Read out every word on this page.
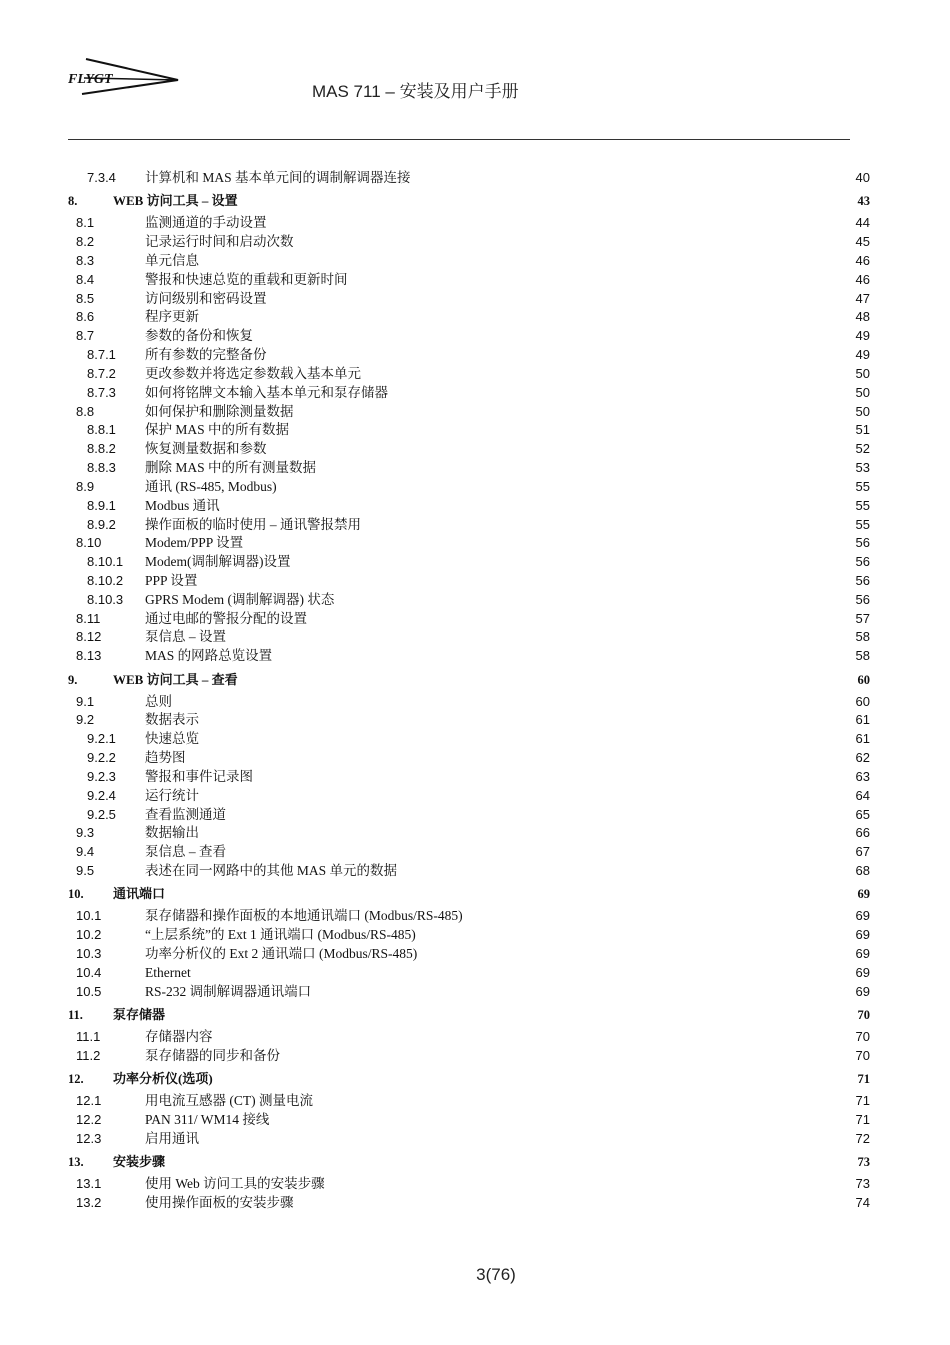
FLYGT
MAS 711 – 安装及用户手册
7.3.4 计算机和 MAS 基本单元间的调制解调器连接	40
8.	WEB 访问工具 – 设置	43
8.1	监测通道的手动设置	44
8.2	记录运行时间和启动次数	45
8.3	单元信息	46
8.4	警报和快速总览的重载和更新时间	46
8.5	访问级别和密码设置	47
8.6	程序更新	48
8.7	参数的备份和恢复	49
8.7.1 所有参数的完整备份	49
8.7.2 更改参数并将选定参数载入基本单元	50
8.7.3 如何将铭牌文本输入基本单元和泵存储器	50
8.8	如何保护和删除测量数据	50
8.8.1 保护 MAS 中的所有数据	51
8.8.2 恢复测量数据和参数	52
8.8.3 删除 MAS 中的所有测量数据	53
8.9	通讯 (RS-485, Modbus)	55
8.9.1 Modbus 通讯	55
8.9.2 操作面板的临时使用 – 通讯警报禁用	55
8.10	Modem/PPP 设置	56
8.10.1 Modem(调制解调器)设置	56
8.10.2 PPP 设置	56
8.10.3 GPRS Modem (调制解调器) 状态	56
8.11	通过电邮的警报分配的设置	57
8.12	泵信息 – 设置	58
8.13	MAS 的网路总览设置	58
9.	WEB 访问工具 – 查看	60
9.1	总则	60
9.2	数据表示	61
9.2.1 快速总览	61
9.2.2 趋势图	62
9.2.3 警报和事件记录图	63
9.2.4 运行统计	64
9.2.5 查看监测通道	65
9.3	数据输出	66
9.4	泵信息 – 查看	67
9.5	表述在同一网路中的其他 MAS 单元的数据	68
10. 通讯端口	69
10.1	泵存储器和操作面板的本地通讯端口 (Modbus/RS-485)	69
10.2	“上层系统”的 Ext 1 通讯端口 (Modbus/RS-485)	69
10.3	功率分析仪的 Ext 2 通讯端口 (Modbus/RS-485)	69
10.4	Ethernet	69
10.5	RS-232 调制解调器通讯端口	69
11. 泵存储器	70
11.1	存储器内容	70
11.2	泵存储器的同步和备份	70
12. 功率分析仪(选项)	71
12.1	用电流互感器 (CT) 测量电流	71
12.2	PAN 311/ WM14 接线	71
12.3	启用通讯	72
13. 安装步骤	73
13.1	使用 Web 访问工具的安装步骤	73
13.2	使用操作面板的安装步骤	74
3(76)
